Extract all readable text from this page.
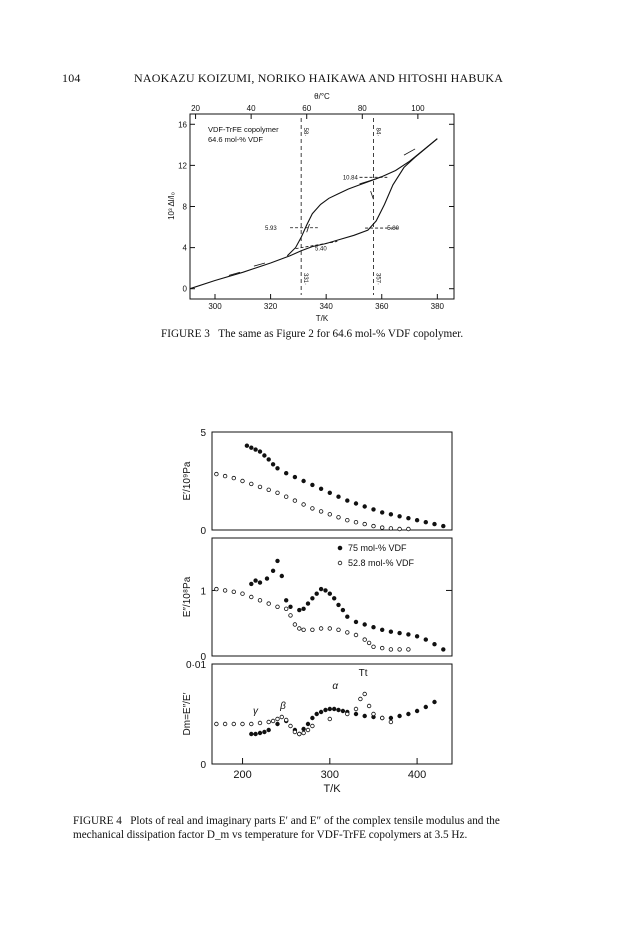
104	NAOKAZU KOIZUMI, NORIKO HAIKAWA AND HITOSHI HABUKA
θ/°C
T/K
10³ Δl/l₀
VDF-TrFE copolymer
64.6 mol-% VDF
300	320	340	360	380
20	40	60	80	100
0
4
8
12
16
58·
331·
84·
357·
5.93
10.84
5.40
5.80
FIGURE 3 The same as Figure 2 for 64.6 mol-% VDF copolymer.
0
5
0
1
0
0·01
200	300	400
E′/10⁹Pa
E″/10⁸Pa
Dm=E″/E′
75 mol-% VDF
52.8 mol-% VDF
T/K
γ β
α
Tt
FIGURE 4 Plots of real and imaginary parts E′ and E″ of the complex tensile modulus and the mechanical dissipation factor D_m vs temperature for VDF-TrFE copolymers at 3.5 Hz.
